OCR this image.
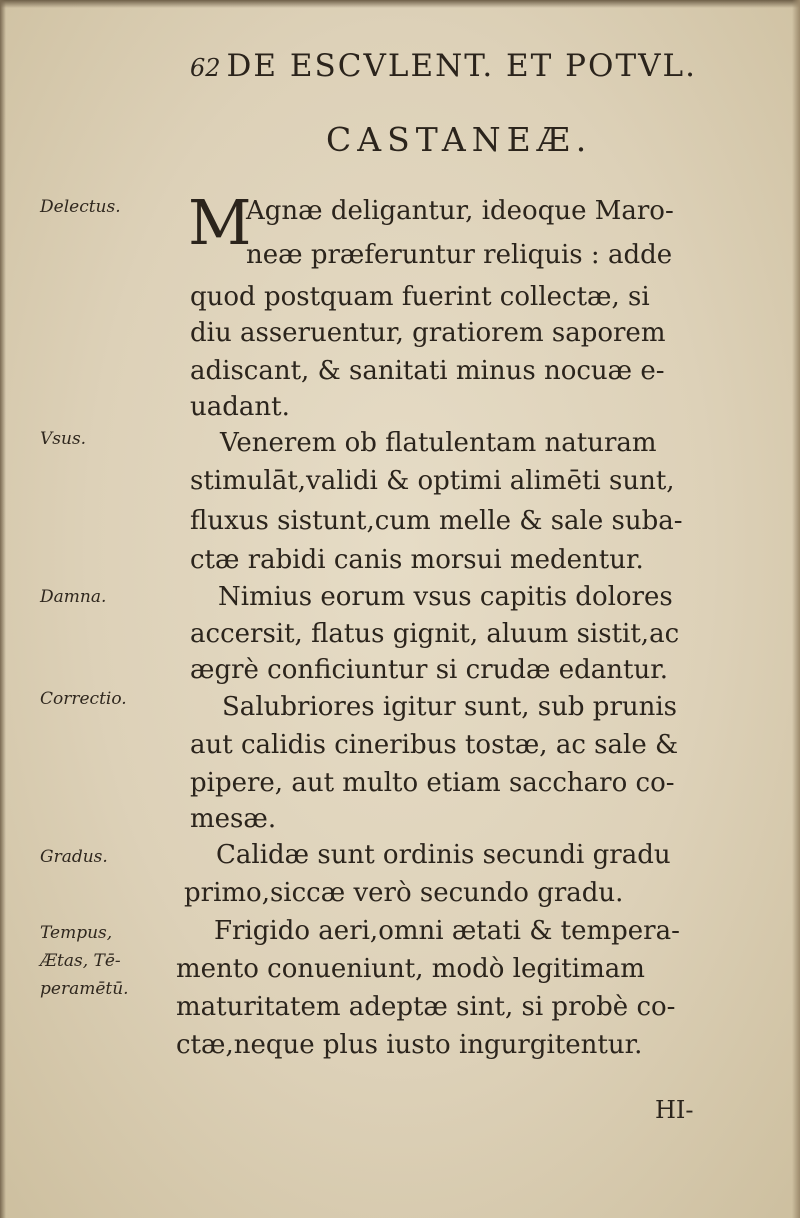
62 DE ESCVLENT. ET POTVL.
CASTANEÆ.
Delectus.
Vsus.
Damna.
Correctio.
Gradus.
Tempus,
Ætas, Tē-
peramētū.
M
Agnæ deligantur, ideoque Maro-
neæ præferuntur reliquis : adde
quod postquam fuerint collectæ, si
diu asseruentur, gratiorem saporem
adiscant, & sanitati minus nocuæ e-
uadant.
Venerem ob flatulentam naturam
stimulāt,validi & optimi alimēti sunt,
fluxus sistunt,cum melle & sale suba-
ctæ rabidi canis morsui medentur.
Nimius eorum vsus capitis dolores
accersit, flatus gignit, aluum sistit,ac
ægrè conficiuntur si crudæ edantur.
Salubriores igitur sunt, sub prunis
aut calidis cineribus tostæ, ac sale &
pipere, aut multo etiam saccharo co-
mesæ.
Calidæ sunt ordinis secundi gradu
primo,siccæ verò secundo gradu.
Frigido aeri,omni ætati & tempera-
mento conueniunt, modò legitimam
maturitatem adeptæ sint, si probè co-
ctæ,neque plus iusto ingurgitentur.
HI-
